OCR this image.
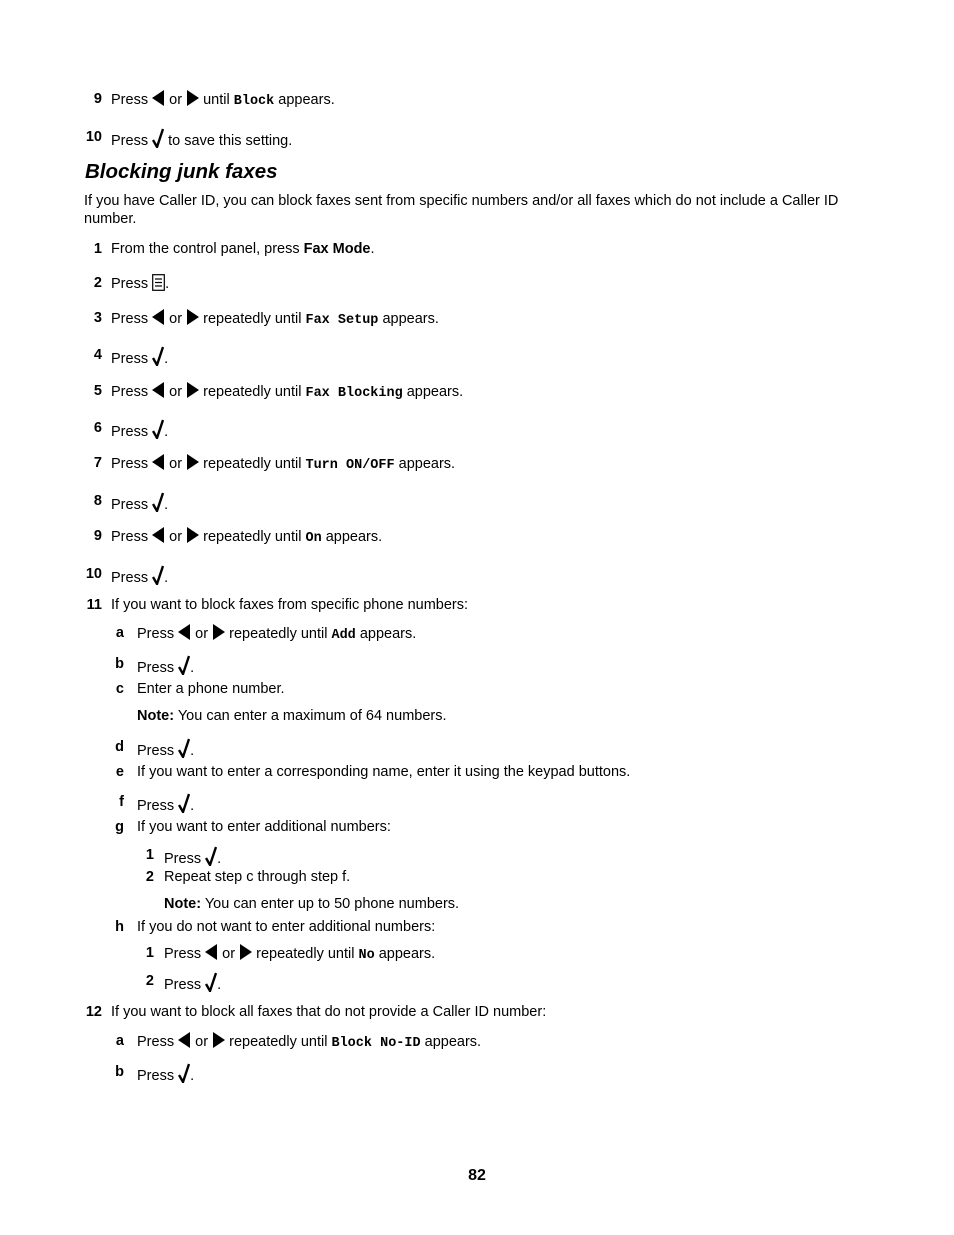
9 Press or until Block appears.
10 Press to save this setting.
Blocking junk faxes
If you have Caller ID, you can block faxes sent from specific numbers and/or all faxes which do not include a Caller ID number.
1 From the control panel, press Fax Mode.
2 Press .
3 Press or repeatedly until Fax Setup appears.
4 Press .
5 Press or repeatedly until Fax Blocking appears.
6 Press .
7 Press or repeatedly until Turn ON/OFF appears.
8 Press .
9 Press or repeatedly until On appears.
10 Press .
11 If you want to block faxes from specific phone numbers:
a Press or repeatedly until Add appears.
b Press .
c Enter a phone number.
Note: You can enter a maximum of 64 numbers.
d Press .
e If you want to enter a corresponding name, enter it using the keypad buttons.
f Press .
g If you want to enter additional numbers:
1 Press .
2 Repeat step c through step f.
Note: You can enter up to 50 phone numbers.
h If you do not want to enter additional numbers:
1 Press or repeatedly until No appears.
2 Press .
12 If you want to block all faxes that do not provide a Caller ID number:
a Press or repeatedly until Block No-ID appears.
b Press .
82
